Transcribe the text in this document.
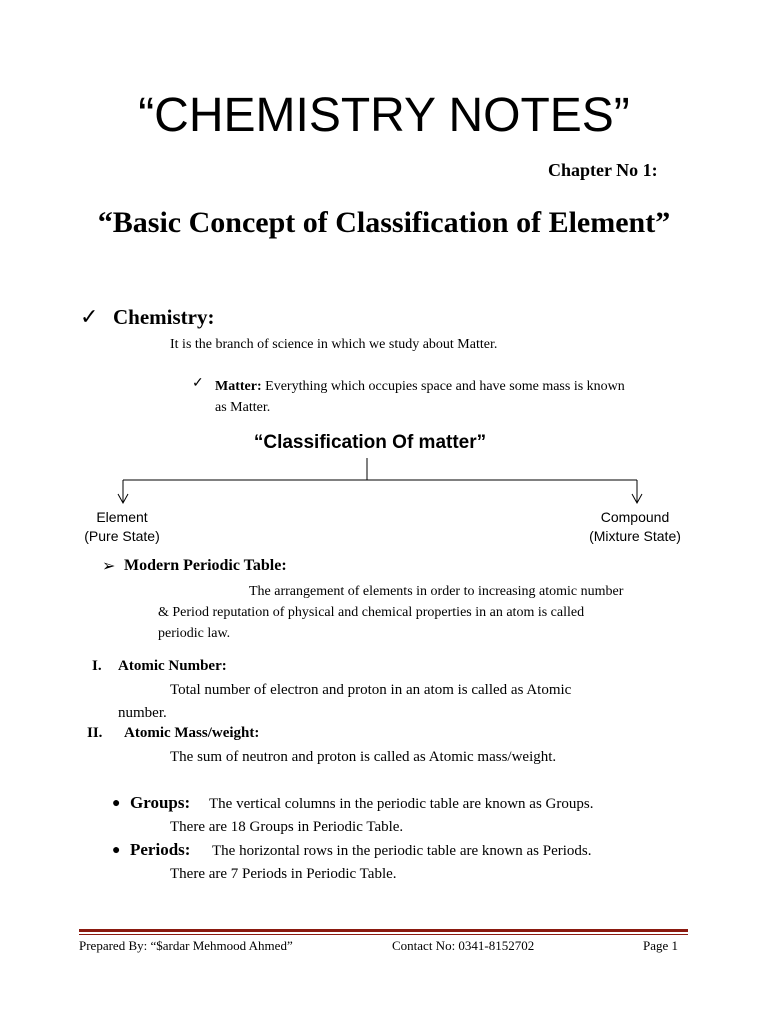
“CHEMISTRY NOTES”
Chapter No 1:
“Basic Concept of Classification of Element”
✓ Chemistry:
It is the branch of science in which we study about Matter.
✓ Matter: Everything which occupies space and have some mass is known
as Matter.
“Classification Of matter”
Element
(Pure State)
Compound
(Mixture State)
➢ Modern Periodic Table:
The arrangement of elements in order to increasing atomic number
& Period reputation of physical and chemical properties in an atom is called
periodic law.
I. Atomic Number:
Total number of electron and proton in an atom is called as Atomic
number.
II. Atomic Mass/weight:
The sum of neutron and proton is called as Atomic mass/weight.
● Groups: The vertical columns in the periodic table are known as Groups.
There are 18 Groups in Periodic Table.
● Periods: The horizontal rows in the periodic table are known as Periods.
There are 7 Periods in Periodic Table.
Prepared By: “$ardar Mehmood Ahmed”	Contact No: 0341-8152702	Page 1
